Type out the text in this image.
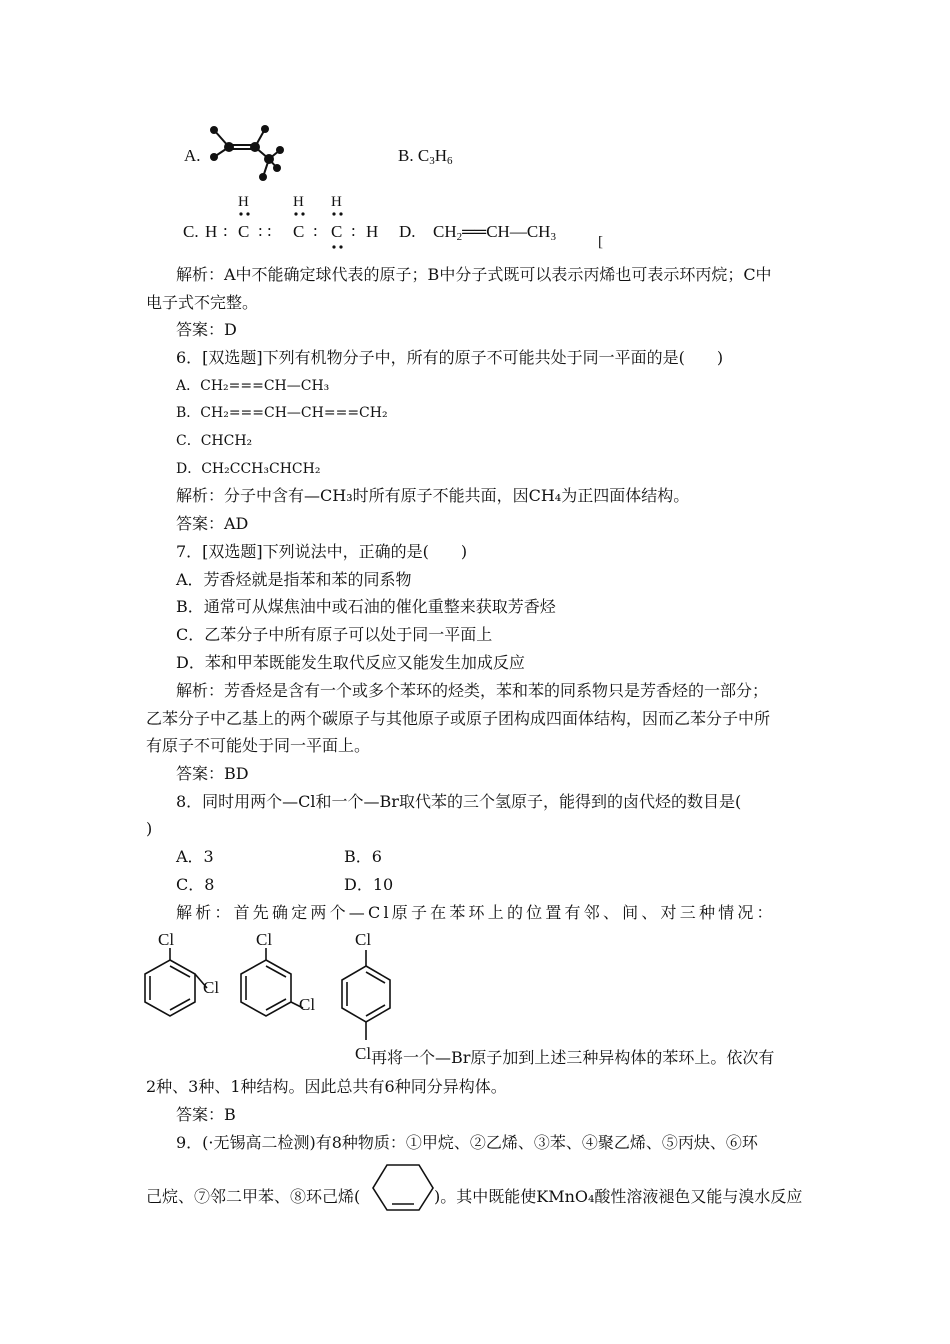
A.	B. $C_3H_6$
H	H H
C. H : C : : C : C : H D. $CH_2══CH—CH_3$	[
解析：A中不能确定球代表的原子；B中分子式既可以表示丙烯也可表示环丙烷；C中
电子式不完整。
答案：D
6．[双选题]下列有机物分子中，所有的原子不可能共处于同一平面的是(　　)
A．CH₂===CH—CH₃
B．CH₂===CH—CH===CH₂
C．CHCH₂
D．CH₂CCH₃CHCH₂
解析：分子中含有—CH₃时所有原子不能共面，因CH₄为正四面体结构。
答案：AD
7．[双选题]下列说法中，正确的是(　　)
A．芳香烃就是指苯和苯的同系物
B．通常可从煤焦油中或石油的催化重整来获取芳香烃
C．乙苯分子中所有原子可以处于同一平面上
D．苯和甲苯既能发生取代反应又能发生加成反应
解析：芳香烃是含有一个或多个苯环的烃类，苯和苯的同系物只是芳香烃的一部分；
乙苯分子中乙基上的两个碳原子与其他原子或原子团构成四面体结构，因而乙苯分子中所
有原子不可能处于同一平面上。
答案：BD
8．同时用两个—Cl和一个—Br取代苯的三个氢原子，能得到的卤代烃的数目是(
)
A．3	B．6
C．8	D．10
解析：首先确定两个—Cl原子在苯环上的位置有邻、间、对三种情况：
Cl
Cl
Cl
Cl
Cl
Cl 再将一个—Br原子加到上述三种异构体的苯环上。依次有
2种、3种、1种结构。因此总共有6种同分异构体。
答案：B
9．(·无锡高二检测)有8种物质：①甲烷、②乙烯、③苯、④聚乙烯、⑤丙炔、⑥环
己烷、⑦邻二甲苯、⑧环己烯(	)。其中既能使KMnO₄酸性溶液褪色又能与溴水反应
